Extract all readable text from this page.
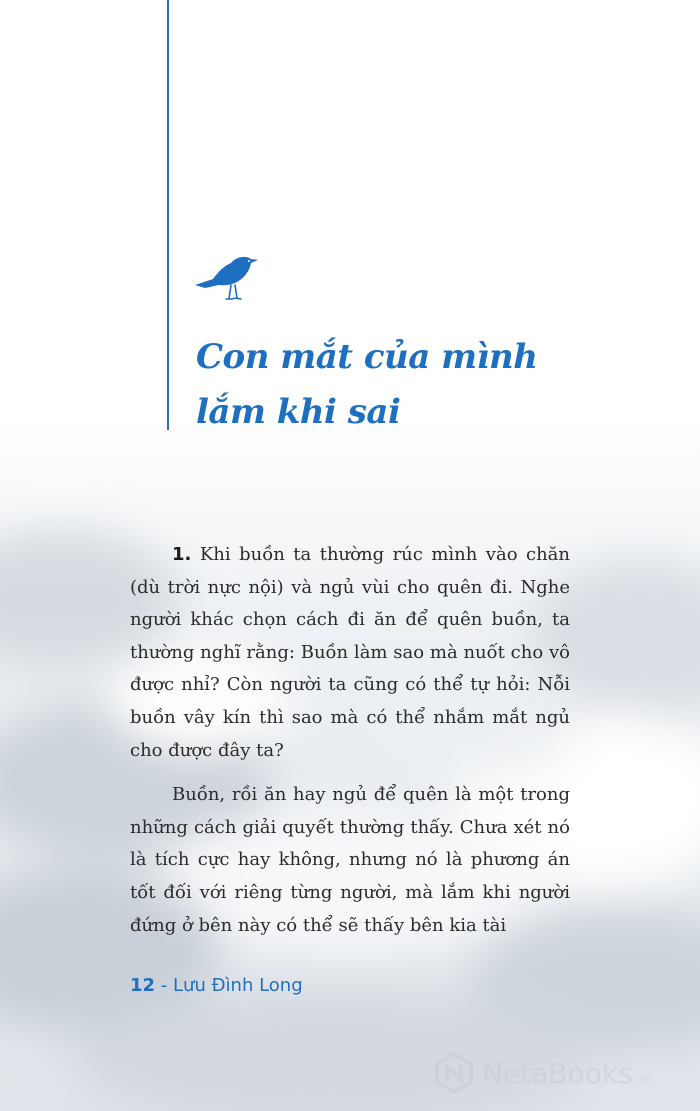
Con mắt của mình
lắm khi sai

1. Khi buồn ta thường rúc mình vào chăn (dù trời nực nội) và ngủ vùi cho quên đi. Nghe người khác chọn cách đi ăn để quên buồn, ta thường nghĩ rằng: Buồn làm sao mà nuốt cho vô được nhỉ? Còn người ta cũng có thể tự hỏi: Nỗi buồn vây kín thì sao mà có thể nhắm mắt ngủ cho được đây ta?

Buồn, rồi ăn hay ngủ để quên là một trong những cách giải quyết thường thấy. Chưa xét nó là tích cực hay không, nhưng nó là phương án tốt đối với riêng từng người, mà lắm khi người đứng ở bên này có thể sẽ thấy bên kia tài

12 - Lưu Đình Long
NetaBooks.vn
